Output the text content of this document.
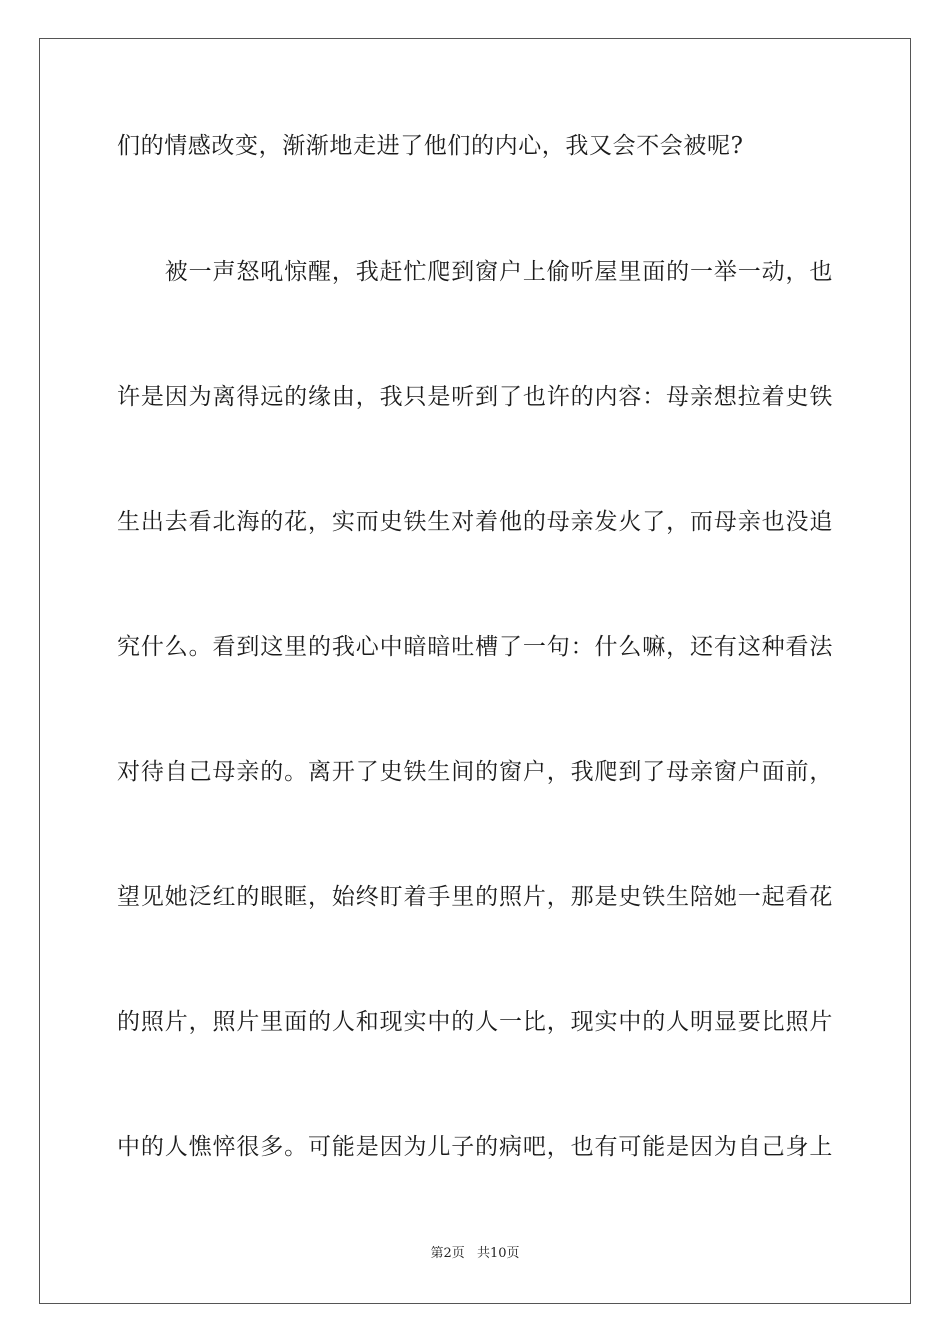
们的情感改变，渐渐地走进了他们的内心，我又会不会被呢?
　　被一声怒吼惊醒，我赶忙爬到窗户上偷听屋里面的一举一动，也
许是因为离得远的缘由，我只是听到了也许的内容：母亲想拉着史铁
生出去看北海的花，实而史铁生对着他的母亲发火了，而母亲也没追
究什么。看到这里的我心中暗暗吐槽了一句：什么嘛，还有这种看法
对待自己母亲的。离开了史铁生间的窗户，我爬到了母亲窗户面前，
望见她泛红的眼眶，始终盯着手里的照片，那是史铁生陪她一起看花
的照片，照片里面的人和现实中的人一比，现实中的人明显要比照片
中的人憔悴很多。可能是因为儿子的病吧，也有可能是因为自己身上
第2页 共10页
